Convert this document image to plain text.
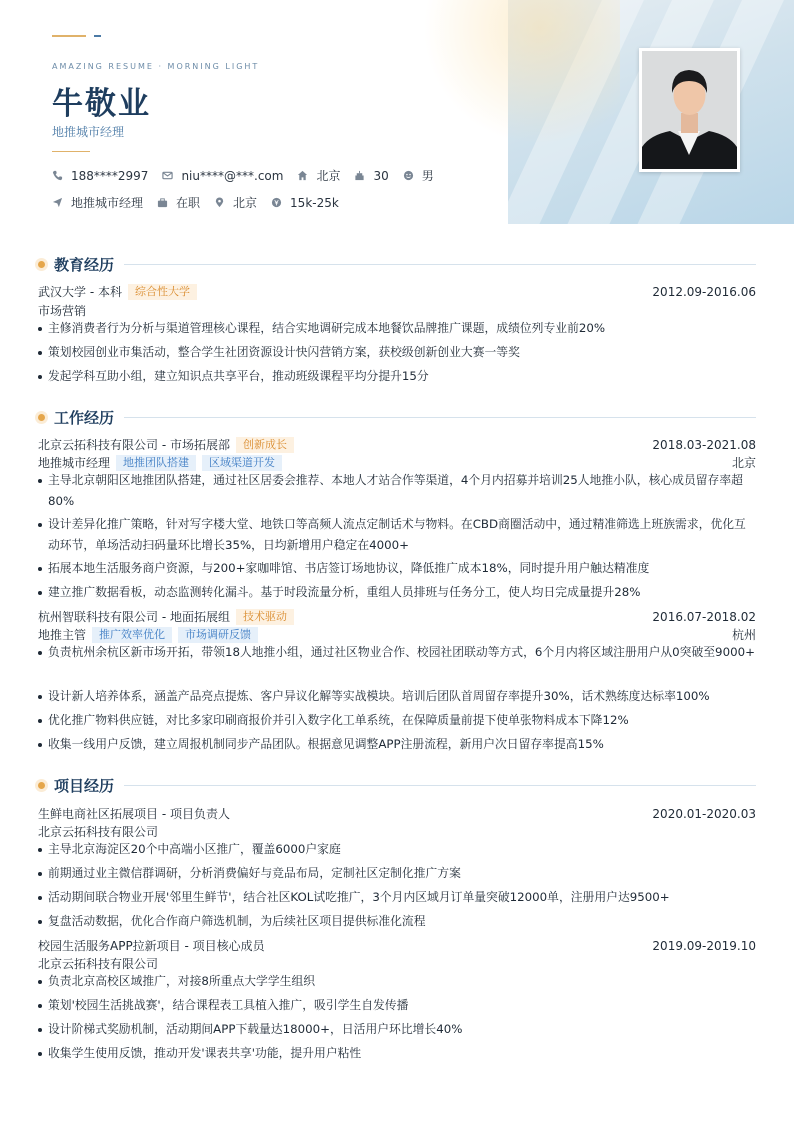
AMAZING RESUME · MORNING LIGHT
牛敬业
地推城市经理
188****2997	niu****@***.com	北京	30	男
地推城市经理	在职	北京	15k-25k
教育经历
武汉大学 - 本科	综合性大学	2012.09-2016.06
市场营销
主修消费者行为分析与渠道管理核心课程，结合实地调研完成本地餐饮品牌推广课题，成绩位列专业前20%
策划校园创业市集活动，整合学生社团资源设计快闪营销方案，获校级创新创业大赛一等奖
发起学科互助小组，建立知识点共享平台，推动班级课程平均分提升15分
工作经历
北京云拓科技有限公司 - 市场拓展部	创新成长	2018.03-2021.08
地推城市经理	地推团队搭建	区域渠道开发	北京
主导北京朝阳区地推团队搭建，通过社区居委会推荐、本地人才站合作等渠道，4个月内招募并培训25人地推小队，核心成员留存率超80%
设计差异化推广策略，针对写字楼大堂、地铁口等高频人流点定制话术与物料。在CBD商圈活动中，通过精准筛选上班族需求，优化互动环节，单场活动扫码量环比增长35%，日均新增用户稳定在4000+
拓展本地生活服务商户资源，与200+家咖啡馆、书店签订场地协议，降低推广成本18%，同时提升用户触达精准度
建立推广数据看板，动态监测转化漏斗。基于时段流量分析，重组人员排班与任务分工，使人均日完成量提升28%
杭州智联科技有限公司 - 地面拓展组	技术驱动	2016.07-2018.02
地推主管	推广效率优化	市场调研反馈	杭州
负责杭州余杭区新市场开拓，带领18人地推小组，通过社区物业合作、校园社团联动等方式，6个月内将区域注册用户从0突破至9000+
设计新人培养体系，涵盖产品亮点提炼、客户异议化解等实战模块。培训后团队首周留存率提升30%，话术熟练度达标率100%
优化推广物料供应链，对比多家印刷商报价并引入数字化工单系统，在保障质量前提下使单张物料成本下降12%
收集一线用户反馈，建立周报机制同步产品团队。根据意见调整APP注册流程，新用户次日留存率提高15%
项目经历
生鲜电商社区拓展项目 - 项目负责人	2020.01-2020.03
北京云拓科技有限公司
主导北京海淀区20个中高端小区推广，覆盖6000户家庭
前期通过业主微信群调研，分析消费偏好与竞品布局，定制社区定制化推广方案
活动期间联合物业开展'邻里生鲜节'，结合社区KOL试吃推广，3个月内区域月订单量突破12000单，注册用户达9500+
复盘活动数据，优化合作商户筛选机制，为后续社区项目提供标准化流程
校园生活服务APP拉新项目 - 项目核心成员	2019.09-2019.10
北京云拓科技有限公司
负责北京高校区域推广，对接8所重点大学学生组织
策划'校园生活挑战赛'，结合课程表工具植入推广，吸引学生自发传播
设计阶梯式奖励机制，活动期间APP下载量达18000+，日活用户环比增长40%
收集学生使用反馈，推动开发'课表共享'功能，提升用户粘性
